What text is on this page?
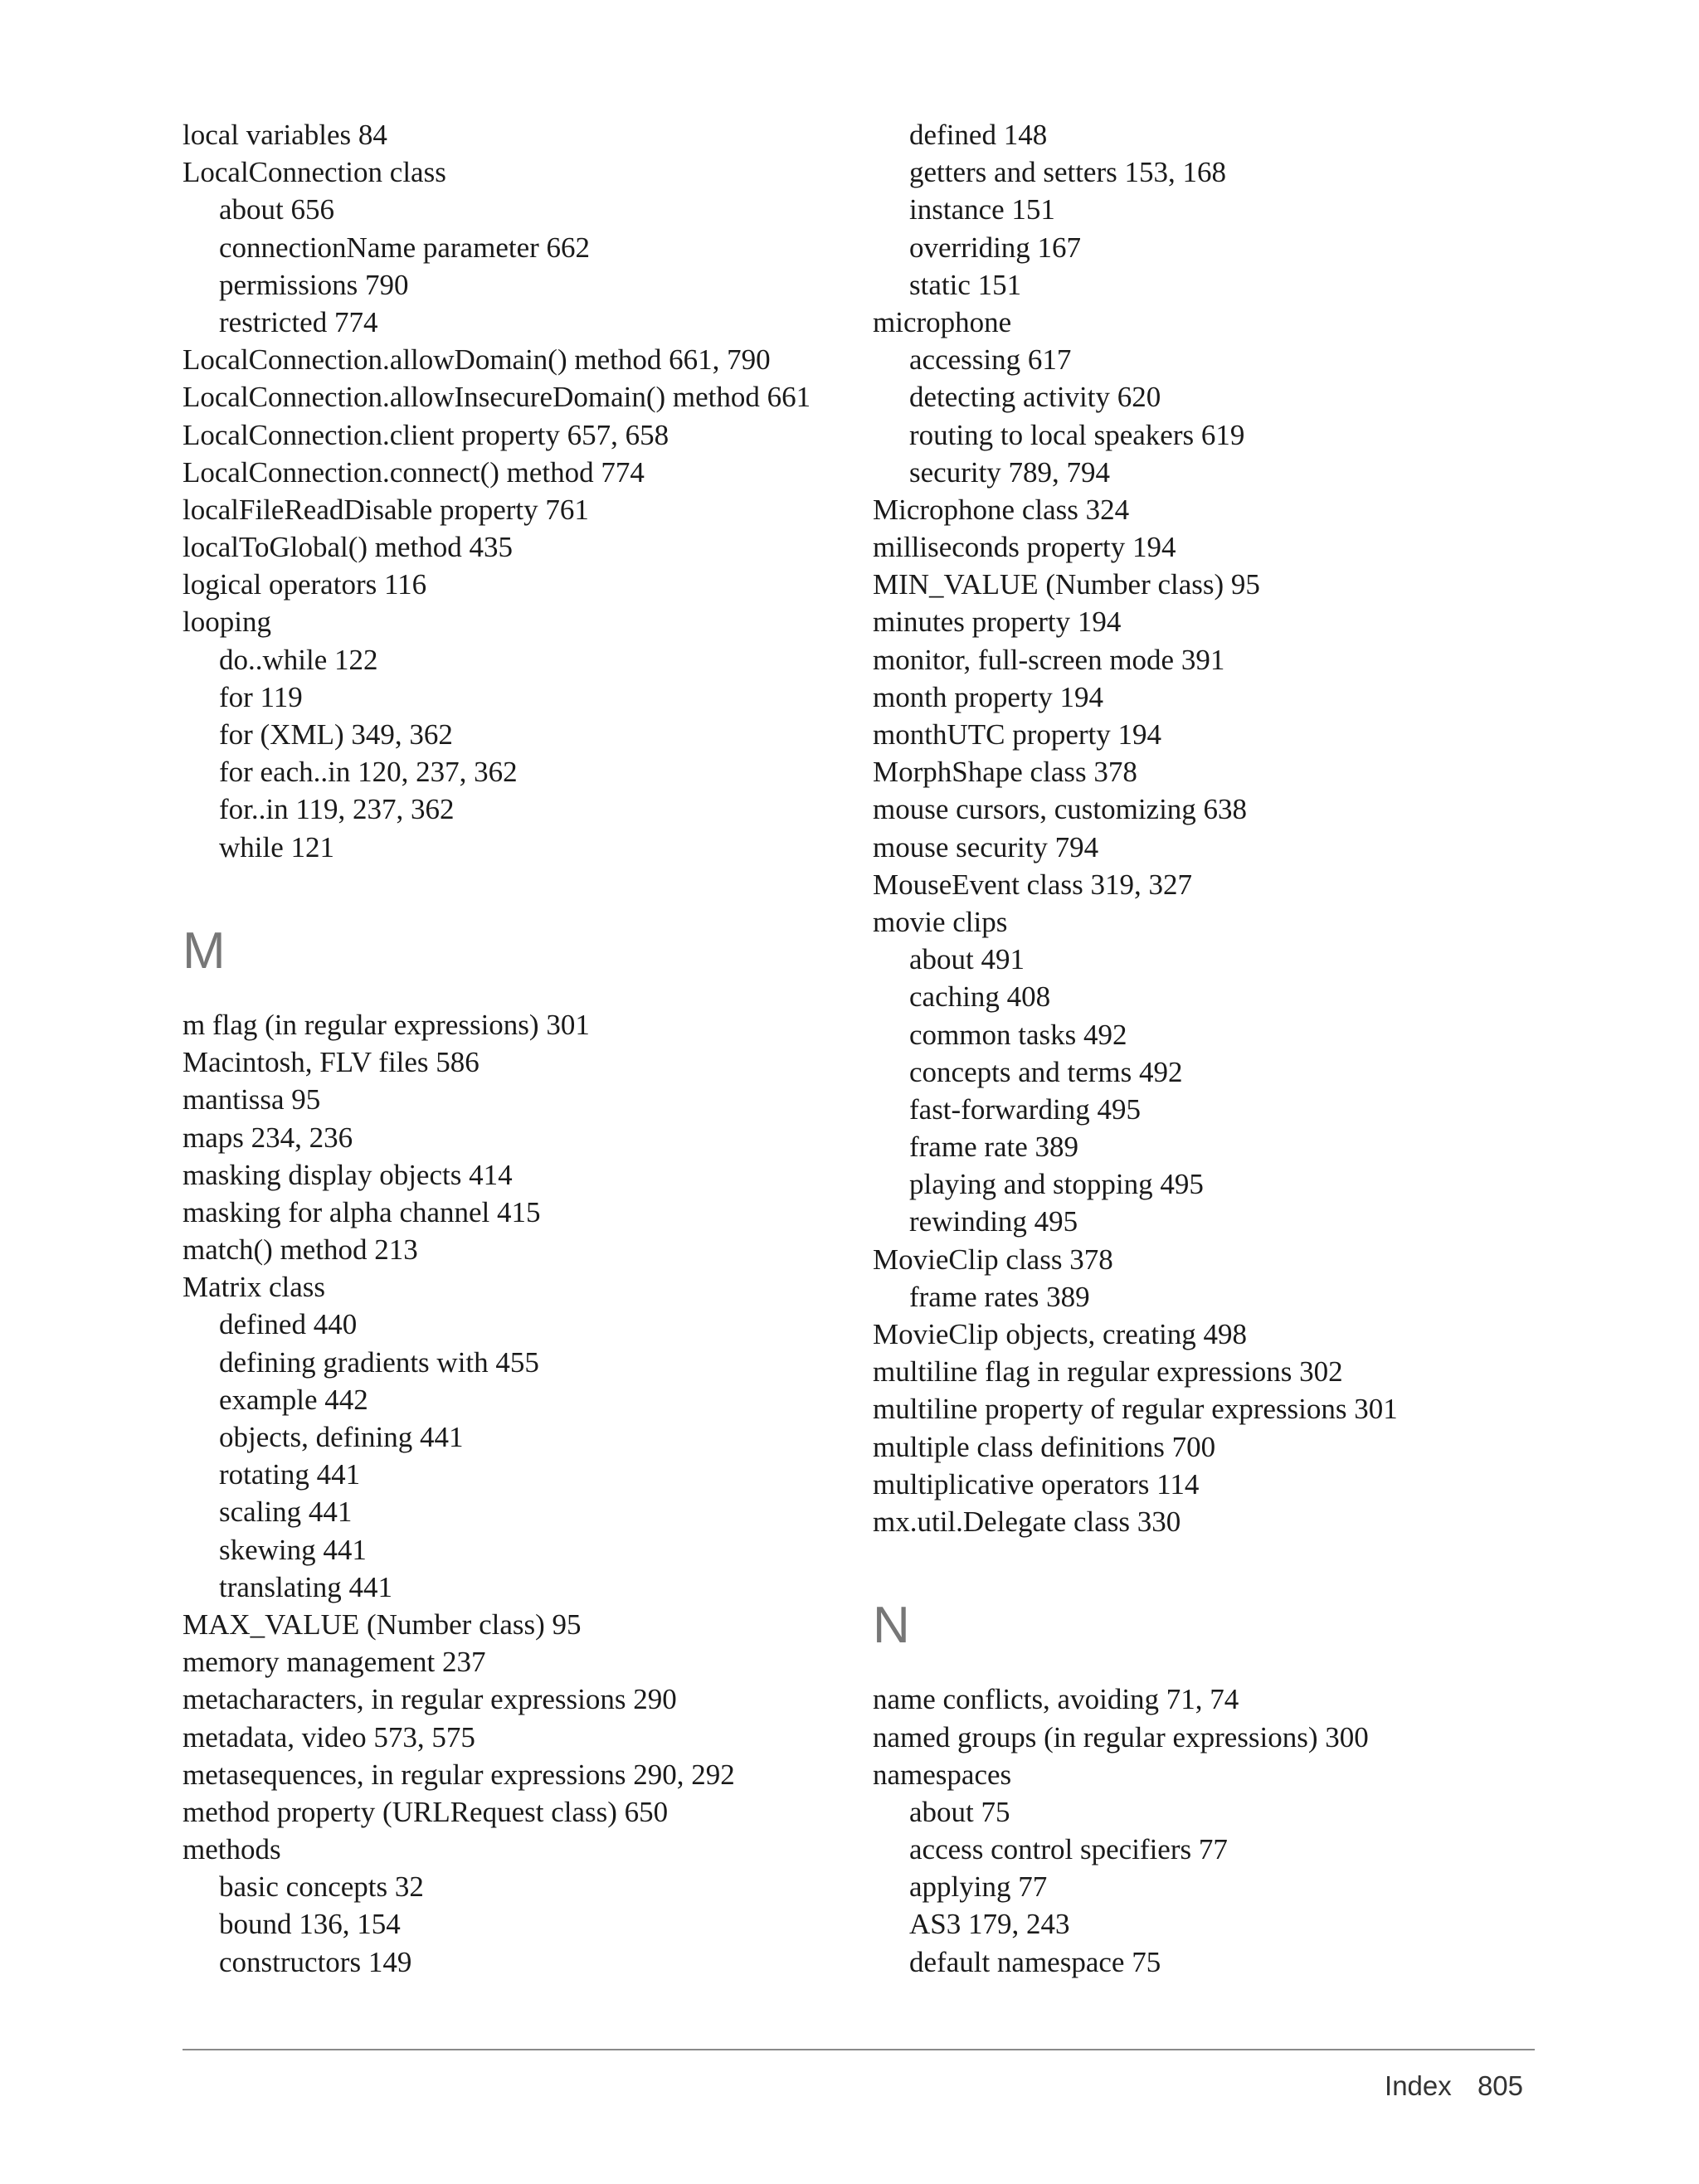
local variables 84
LocalConnection class
about 656
connectionName parameter 662
permissions 790
restricted 774
LocalConnection.allowDomain() method 661, 790
LocalConnection.allowInsecureDomain() method 661
LocalConnection.client property 657, 658
LocalConnection.connect() method 774
localFileReadDisable property 761
localToGlobal() method 435
logical operators 116
looping
do..while 122
for 119
for (XML) 349, 362
for each..in 120, 237, 362
for..in 119, 237, 362
while 121
M
m flag (in regular expressions) 301
Macintosh, FLV files 586
mantissa 95
maps 234, 236
masking display objects 414
masking for alpha channel 415
match() method 213
Matrix class
defined 440
defining gradients with 455
example 442
objects, defining 441
rotating 441
scaling 441
skewing 441
translating 441
MAX_VALUE (Number class) 95
memory management 237
metacharacters, in regular expressions 290
metadata, video 573, 575
metasequences, in regular expressions 290, 292
method property (URLRequest class) 650
methods
basic concepts 32
bound 136, 154
constructors 149
defined 148
getters and setters 153, 168
instance 151
overriding 167
static 151
microphone
accessing 617
detecting activity 620
routing to local speakers 619
security 789, 794
Microphone class 324
milliseconds property 194
MIN_VALUE (Number class) 95
minutes property 194
monitor, full-screen mode 391
month property 194
monthUTC property 194
MorphShape class 378
mouse cursors, customizing 638
mouse security 794
MouseEvent class 319, 327
movie clips
about 491
caching 408
common tasks 492
concepts and terms 492
fast-forwarding 495
frame rate 389
playing and stopping 495
rewinding 495
MovieClip class 378
frame rates 389
MovieClip objects, creating 498
multiline flag in regular expressions 302
multiline property of regular expressions 301
multiple class definitions 700
multiplicative operators 114
mx.util.Delegate class 330
N
name conflicts, avoiding 71, 74
named groups (in regular expressions) 300
namespaces
about 75
access control specifiers 77
applying 77
AS3 179, 243
default namespace 75
Index 805
